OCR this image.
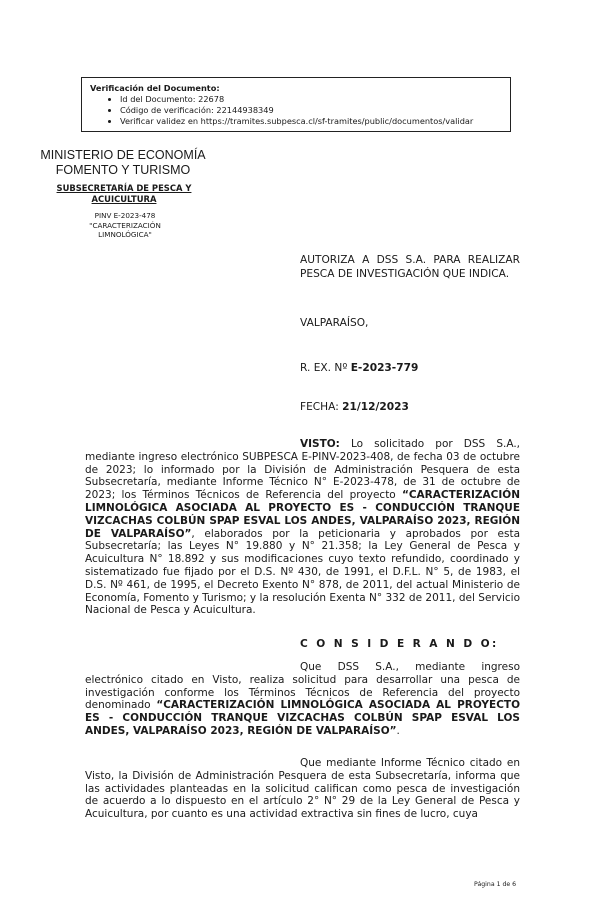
Verificación del Documento:
• Id del Documento: 22678
• Código de verificación: 22144938349
• Verificar validez en https://tramites.subpesca.cl/sf-tramites/public/documentos/validar
MINISTERIO DE ECONOMÍA
FOMENTO Y TURISMO
SUBSECRETARÍA DE PESCA Y
ACUICULTURA
PINV E-2023-478 "CARACTERIZACIÓN
LIMNOLÓGICA"
AUTORIZA A DSS S.A. PARA REALIZAR PESCA DE INVESTIGACIÓN QUE INDICA.
VALPARAÍSO,
R. EX. Nº E-2023-779
FECHA: 21/12/2023

VISTO: Lo solicitado por DSS S.A., mediante ingreso electrónico SUBPESCA E-PINV-2023-408, de fecha 03 de octubre de 2023; lo informado por la División de Administración Pesquera de esta Subsecretaría, mediante Informe Técnico N° E-2023-478, de 31 de octubre de 2023; los Términos Técnicos de Referencia del proyecto “CARACTERIZACIÓN LIMNOLÓGICA ASOCIADA AL PROYECTO ES - CONDUCCIÓN TRANQUE VIZCACHAS COLBÚN SPAP ESVAL LOS ANDES, VALPARAÍSO 2023, REGIÓN DE VALPARAÍSO”, elaborados por la peticionaria y aprobados por esta Subsecretaría; las Leyes N° 19.880 y N° 21.358; la Ley General de Pesca y Acuicultura N° 18.892 y sus modificaciones cuyo texto refundido, coordinado y sistematizado fue fijado por el D.S. Nº 430, de 1991, el D.F.L. N° 5, de 1983, el D.S. Nº 461, de 1995, el Decreto Exento N° 878, de 2011, del actual Ministerio de Economía, Fomento y Turismo; y la resolución Exenta N° 332 de 2011, del Servicio Nacional de Pesca y Acuicultura.

C O N S I D E R A N D O:

Que DSS S.A., mediante ingreso electrónico citado en Visto, realiza solicitud para desarrollar una pesca de investigación conforme los Términos Técnicos de Referencia del proyecto denominado “CARACTERIZACIÓN LIMNOLÓGICA ASOCIADA AL PROYECTO ES - CONDUCCIÓN TRANQUE VIZCACHAS COLBÚN SPAP ESVAL LOS ANDES, VALPARAÍSO 2023, REGIÓN DE VALPARAÍSO”.

Que mediante Informe Técnico citado en Visto, la División de Administración Pesquera de esta Subsecretaría, informa que las actividades planteadas en la solicitud califican como pesca de investigación de acuerdo a lo dispuesto en el artículo 2° N° 29 de la Ley General de Pesca y Acuicultura, por cuanto es una actividad extractiva sin fines de lucro, cuya

Página 1 de 6
